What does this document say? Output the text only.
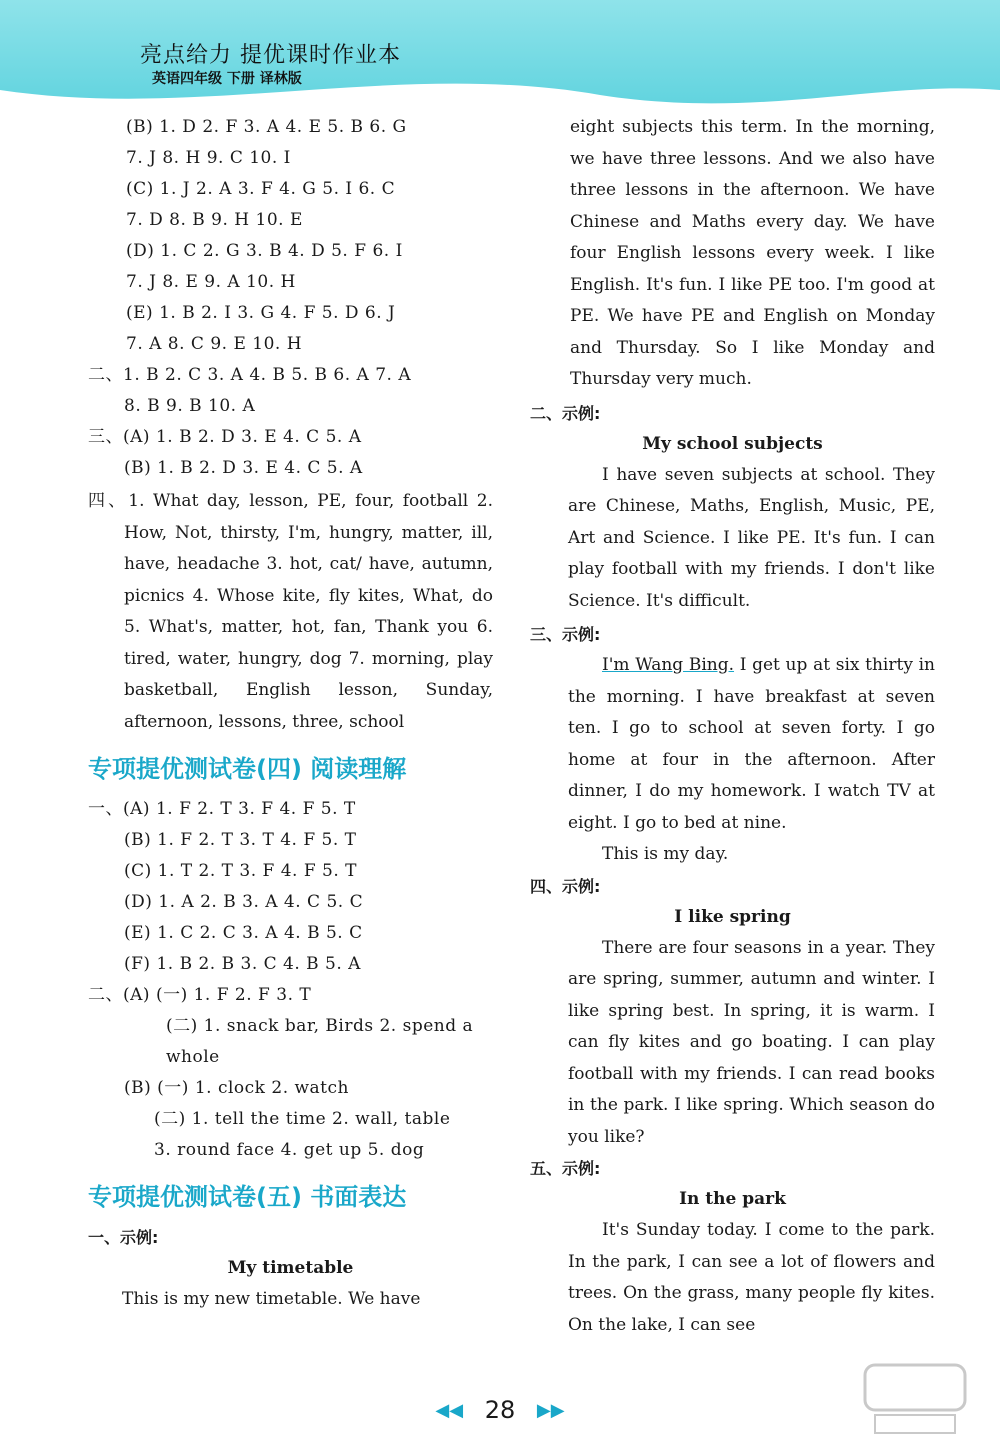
亮点给力 提优课时作业本
英语四年级 下册 译林版
(B) 1. D 2. F 3. A 4. E 5. B 6. G
7. J 8. H 9. C 10. I
(C) 1. J 2. A 3. F 4. G 5. I 6. C
7. D 8. B 9. H 10. E
(D) 1. C 2. G 3. B 4. D 5. F 6. I
7. J 8. E 9. A 10. H
(E) 1. B 2. I 3. G 4. F 5. D 6. J
7. A 8. C 9. E 10. H
二、1. B 2. C 3. A 4. B 5. B 6. A 7. A
8. B 9. B 10. A
三、(A) 1. B 2. D 3. E 4. C 5. A
(B) 1. B 2. D 3. E 4. C 5. A
四、1. What day, lesson, PE, four, football 2. How, Not, thirsty, I'm, hungry, matter, ill, have, headache 3. hot, cat/ have, autumn, picnics 4. Whose kite, fly kites, What, do 5. What's, matter, hot, fan, Thank you 6. tired, water, hungry, dog 7. morning, play basketball, English lesson, Sunday, afternoon, lessons, three, school
专项提优测试卷(四) 阅读理解
一、(A) 1. F 2. T 3. F 4. F 5. T
(B) 1. F 2. T 3. T 4. F 5. T
(C) 1. T 2. T 3. F 4. F 5. T
(D) 1. A 2. B 3. A 4. C 5. C
(E) 1. C 2. C 3. A 4. B 5. C
(F) 1. B 2. B 3. C 4. B 5. A
二、(A) (一) 1. F 2. F 3. T
(二) 1. snack bar, Birds 2. spend a
whole
(B) (一) 1. clock 2. watch
(二) 1. tell the time 2. wall, table
3. round face 4. get up 5. dog
专项提优测试卷(五) 书面表达
一、示例:
My timetable
This is my new timetable. We have
eight subjects this term. In the morning, we have three lessons. And we also have three lessons in the afternoon. We have Chinese and Maths every day. We have four English lessons every week. I like English. It's fun. I like PE too. I'm good at PE. We have PE and English on Monday and Thursday. So I like Monday and Thursday very much.
二、示例:
My school subjects
I have seven subjects at school. They are Chinese, Maths, English, Music, PE, Art and Science. I like PE. It's fun. I can play football with my friends. I don't like Science. It's difficult.
三、示例:
I'm Wang Bing. I get up at six thirty in the morning. I have breakfast at seven ten. I go to school at seven forty. I go home at four in the afternoon. After dinner, I do my homework. I watch TV at eight. I go to bed at nine.
This is my day.
四、示例:
I like spring
There are four seasons in a year. They are spring, summer, autumn and winter. I like spring best. In spring, it is warm. I can fly kites and go boating. I can play football with my friends. I can read books in the park. I like spring. Which season do you like?
五、示例:
In the park
It's Sunday today. I come to the park. In the park, I can see a lot of flowers and trees. On the grass, many people fly kites. On the lake, I can see
◀◀ 28 ▶▶
